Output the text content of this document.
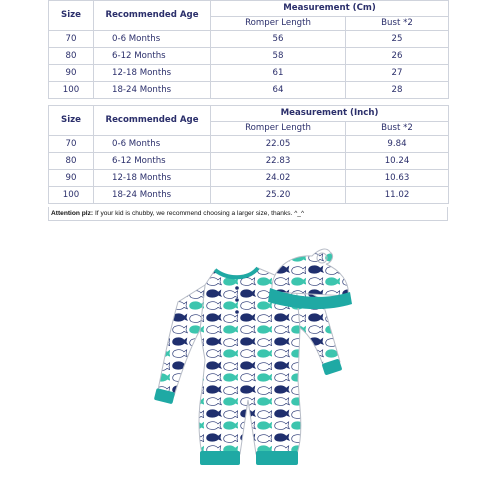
Size	Recommended Age	Measurement (Cm)	
		Romper Length	Bust *2
70	0-6 Months	56	25
80	6-12 Months	58	26
90	12-18 Months	61	27
100	18-24 Months	64	28
Size	Recommended Age	Measurement (Inch)	
		Romper Length	Bust *2
70	0-6 Months	22.05	9.84
80	6-12 Months	22.83	10.24
90	12-18 Months	24.02	10.63
100	18-24 Months	25.20	11.02
Attention plz: If your kid is chubby, we recommend choosing a larger size, thanks. ^_^
